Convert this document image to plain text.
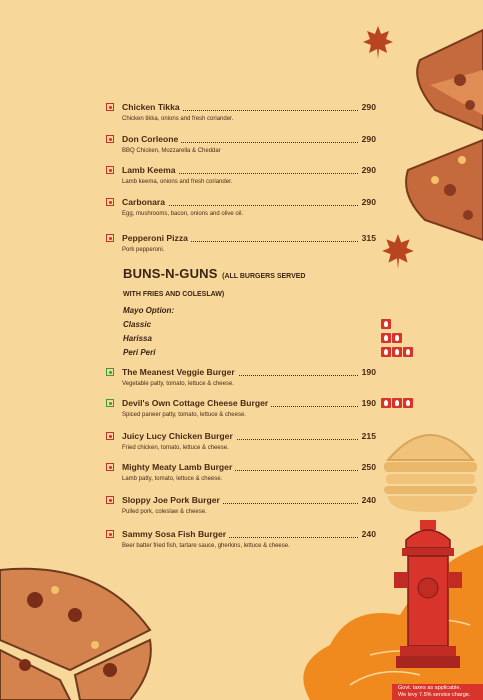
Chicken Tikka	290
Chicken tikka, onions and fresh coriander.
Don Corleone	290
BBQ Chicken, Mozzarella & Cheddar
Lamb Keema	290
Lamb keema, onions and fresh coriander.
Carbonara	290
Egg, mushrooms, bacon, onions and olive oil.
Pepperoni Pizza	315
Pork pepperoni.
BUNS-N-GUNS (ALL BURGERS SERVED
WITH FRIES AND COLESLAW)
Mayo Option:
Classic
Harissa
Peri Peri
The Meanest Veggie Burger	190
Vegetable patty, tomato, lettuce & cheese.
Devil's Own Cottage Cheese Burger	190
Spiced paneer patty, tomato, lettuce & cheese.
Juicy Lucy Chicken Burger	215
Fried chicken, tomato, lettuce & cheese.
Mighty Meaty Lamb Burger	250
Lamb patty, tomato, lettuce & cheese.
Sloppy Joe Pork Burger	240
Pulled pork, coleslaw & cheese.
Sammy Sosa Fish Burger	240
Beer batter fried fish, tartare sauce, gherkins, lettuce & cheese.
Govt. taxes as applicable.
We levy 7.5% service charge.
